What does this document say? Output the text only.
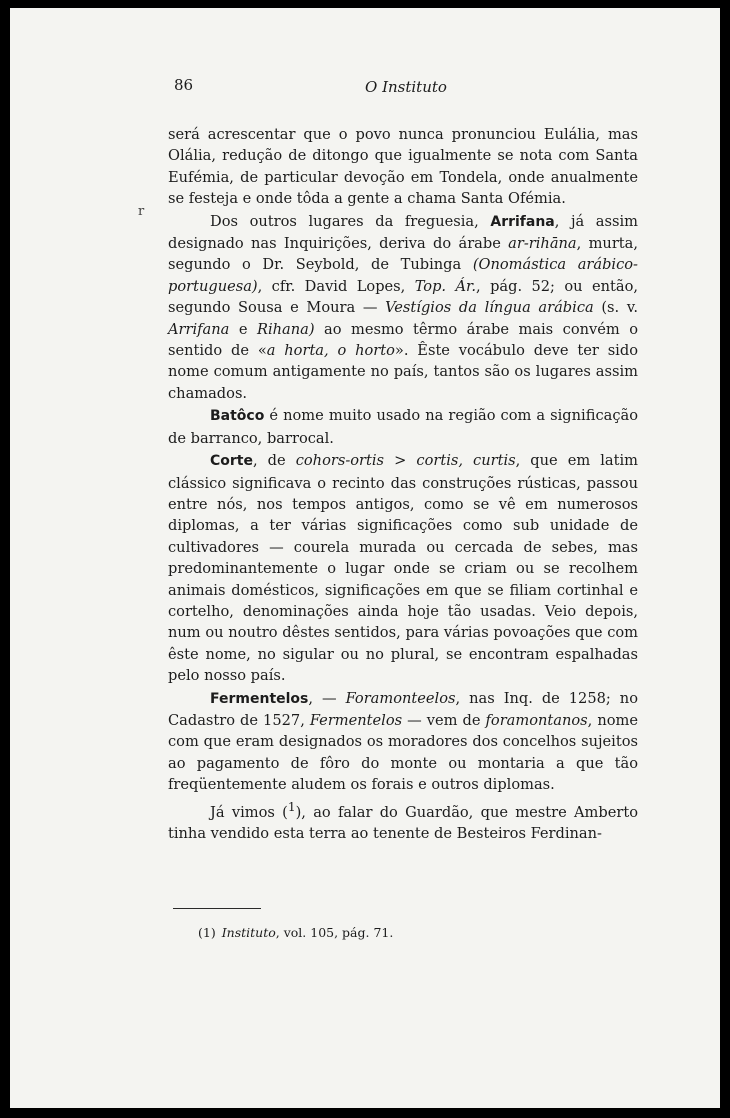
86	O Instituto
r

será acrescentar que o povo nunca pronunciou Eulália, mas Olália, redução de ditongo que igualmente se nota com Santa Eufémia, de particular devoção em Tondela, onde anualmente se festeja e onde tôda a gente a chama Santa Ofémia.

Dos outros lugares da freguesia, Arrifana, já assim designado nas Inquirições, deriva do árabe ar-rihāna, murta, segundo o Dr. Seybold, de Tubinga (Onomástica arábico-portuguesa), cfr. David Lopes, Top. Ár., pág. 52; ou então, segundo Sousa e Moura — Vestígios da língua arábica (s. v. Arrifana e Rihana) ao mesmo têrmo árabe mais convém o sentido de «a horta, o horto». Êste vocábulo deve ter sido nome comum antigamente no país, tantos são os lugares assim chamados.

Batôco é nome muito usado na região com a significação de barranco, barrocal.

Corte, de cohors-ortis > cortis, curtis, que em latim clássico significava o recinto das construções rústicas, passou entre nós, nos tempos antigos, como se vê em numerosos diplomas, a ter várias significações como sub unidade de cultivadores — courela murada ou cercada de sebes, mas predominantemente o lugar onde se criam ou se recolhem animais domésticos, significações em que se filiam cortinhal e cortelho, denominações ainda hoje tão usadas. Veio depois, num ou noutro dêstes sentidos, para várias povoações que com êste nome, no sigular ou no plural, se encontram espalhadas pelo nosso país.

Fermentelos, — Foramonteelos, nas Inq. de 1258; no Cadastro de 1527, Fermentelos — vem de foramontanos, nome com que eram designados os moradores dos concelhos sujeitos ao pagamento de fôro do monte ou montaria a que tão freqüentemente aludem os forais e outros diplomas.

Já vimos ($^1$), ao falar do Guardão, que mestre Amberto tinha vendido esta terra ao tenente de Besteiros Ferdinan-

(1) Instituto, vol. 105, pág. 71.
